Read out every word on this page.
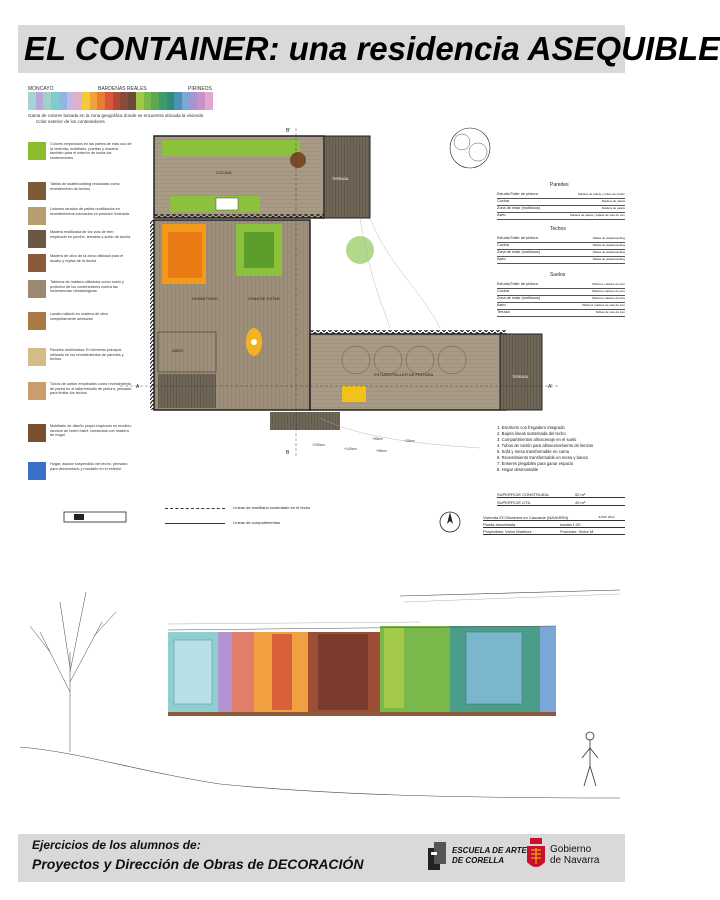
EL CONTAINER: una residencia ASEQUIBLE
MONCAYO	BARDENAS REALES	PIRINEOS
Gama de colores basada en la zona geográfica donde se encuentra ubicada la vivienda
Color exterior de los contenedores
COCINA
TERRAZA
DORMITORIO	ZONA DE ESTAR
ASEO
ESTUDIO/TALLER DE PINTURA	TERRAZA
A	A'
B'
B
+230cm
+140cm
+95cm
+55cm
+25cm
Líneas de mobiliario sustentado en el techo
Líneas de compartimentos
Paredes
Estudio/Taller de pintura	Madera de palets y tubos de cartón
Cocina	Madera de palets
Zona de estar (multiusos)	Madera de palets
Aseo	Madera de palets y tablas de vías de tren
Techos
Estudio/Taller de pintura	Tablas de skateboarding
Cocina	Tablas de skateboarding
Zona de estar (multiusos)	Tablas de skateboarding
Aseo	Tablas de skateboarding
Suelos
Estudio/Taller de pintura	Tableros madera de pino
Cocina	Tableros madera de pino
Zona de estar (multiusos)	Tableros madera de pino
Aseo	Tableros madera de vías de tren
Terraza	Tablas de vías de tren
1. Escritorio con fregadero integrado
2. Bajera lineas sustentada del techo
3. Compartimentos almacenaje en el suelo
4. Tubos de cartón para almacenamiento de lienzos
5. Sofá y mesa transformable en cama
6. Revestimiento transformable en mesa y banco
7. Enseres plegables para ganar espacio
8. Hogar desmontable
SUPERFICIE CONSTRUIDA	52 m²
SUPERFICIE UTIL	49 m²
Vivienda ECOntainers en Cascante (NAVARRA)	JUNIO 2012
Planta amueblada	escala 1:20
Proyectista: Victor Martinez	Promotor: Victor M.
Ejercicios de los alumnos de:
Proyectos y Dirección de Obras de DECORACIÓN
ESCUELA DE ARTE
DE CORELLA
Gobierno
de Navarra
Colores empleados en las partes de más uso de la vivienda, mobiliario, puertas y madera también para el exterior de todos los contenedores
Tablas de skateboarding recicladas como revestimiento de techos
Listones tarados de palets reutilizados en revestimientos colocados en posición inclinada
Madera reutilizada de los vías de tren: empleado en porche, terrazas y suelo de ducha
Madera de olivo de la zona utilizada para el lavabo y repisa de la ducha
Tableros de madera utilizados como suelo y protector de los contenedores contra las inclemencias climatológicas
Lavabo tallado en madera de olivo completamente artesanal
Paneles reutilizados: El elemento principal utilizado en los revestimientos de paredes y techos
Tubos de cartón empleados como revestimiento de pared en el taller/estudio de pintura, pensado para limitar los techos
Mobiliario de diseño propio inspirado en modelo: random de Izofm Iratxf, construida con madera de nogal
Hogar, asador suspendido del techo, pensado para desmontarlo y montarlo en el exterior
